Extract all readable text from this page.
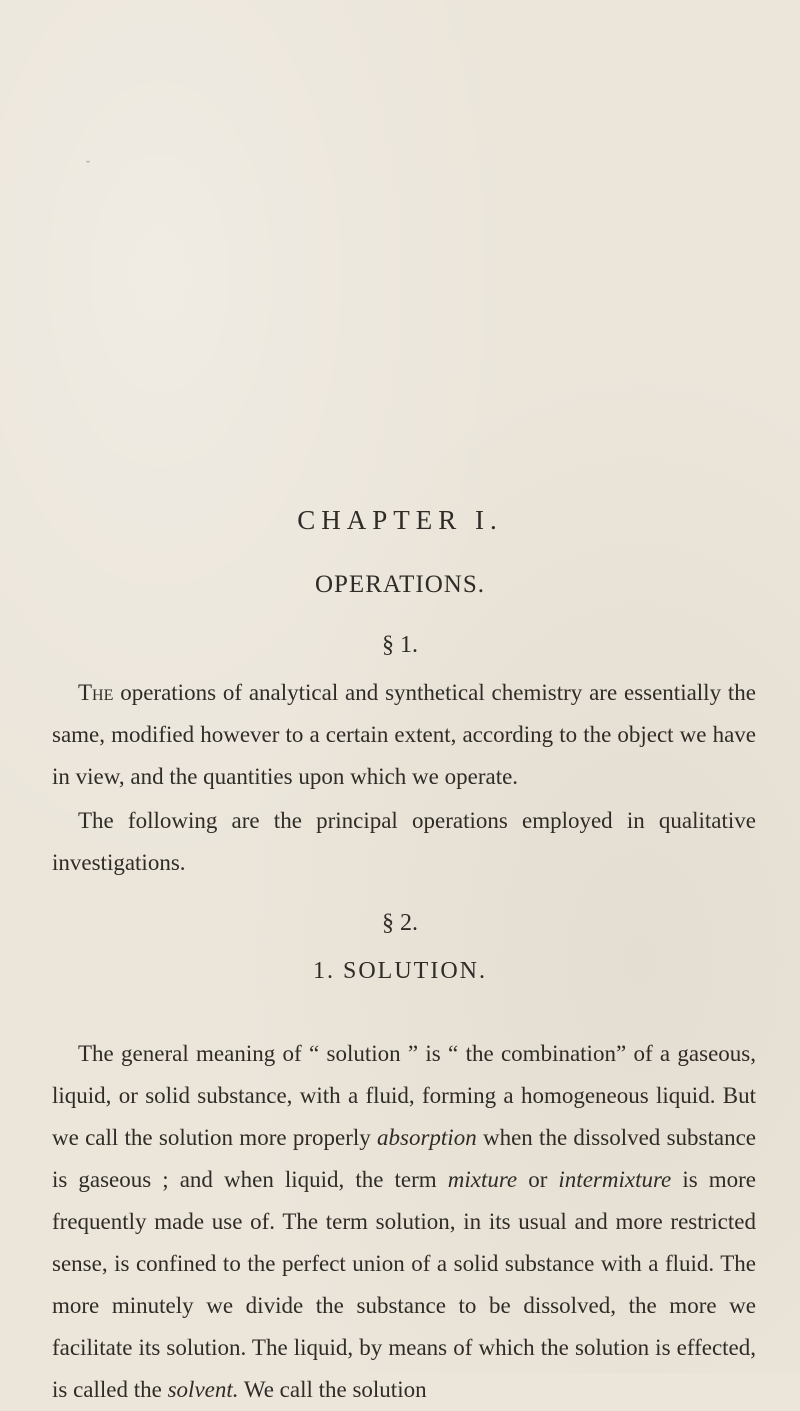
ˇ
CHAPTER I.
OPERATIONS.
§ 1.

The operations of analytical and synthetical chemistry are essentially the same, modified however to a certain extent, according to the object we have in view, and the quantities upon which we operate.

The following are the principal operations employed in qualitative investigations.

§ 2.
1. SOLUTION.

The general meaning of “ solution ” is “ the combination” of a gaseous, liquid, or solid substance, with a fluid, forming a homogeneous liquid. But we call the solution more properly absorption when the dissolved substance is gaseous ; and when liquid, the term mixture or intermixture is more frequently made use of. The term solution, in its usual and more restricted sense, is confined to the perfect union of a solid substance with a fluid. The more minutely we divide the substance to be dissolved, the more we facilitate its solution. The liquid, by means of which the solution is effected, is called the solvent. We call the solution
